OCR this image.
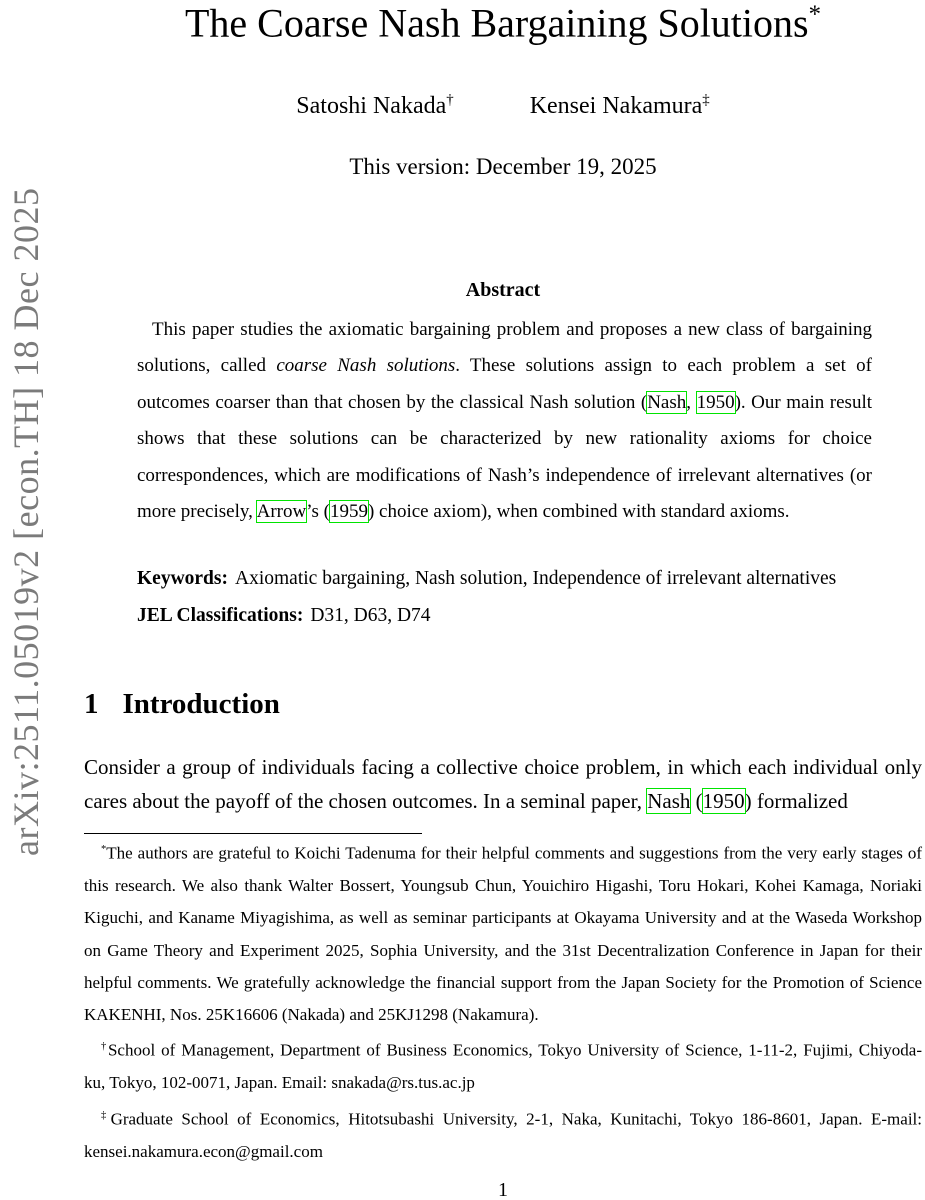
arXiv:2511.05019v2 [econ.TH] 18 Dec 2025
The Coarse Nash Bargaining Solutions*
Satoshi Nakada†	Kensei Nakamura‡
This version: December 19, 2025
Abstract
This paper studies the axiomatic bargaining problem and proposes a new class of bargaining solutions, called coarse Nash solutions. These solutions assign to each problem a set of outcomes coarser than that chosen by the classical Nash solution (Nash, 1950). Our main result shows that these solutions can be characterized by new rationality axioms for choice correspondences, which are modifications of Nash’s independence of irrelevant alternatives (or more precisely, Arrow’s (1959) choice axiom), when combined with standard axioms.
Keywords: Axiomatic bargaining, Nash solution, Independence of irrelevant alternatives
JEL Classifications: D31, D63, D74
1 Introduction
Consider a group of individuals facing a collective choice problem, in which each individual only cares about the payoff of the chosen outcomes. In a seminal paper, Nash (1950) formalized

*The authors are grateful to Koichi Tadenuma for their helpful comments and suggestions from the very early stages of this research. We also thank Walter Bossert, Youngsub Chun, Youichiro Higashi, Toru Hokari, Kohei Kamaga, Noriaki Kiguchi, and Kaname Miyagishima, as well as seminar participants at Okayama University and at the Waseda Workshop on Game Theory and Experiment 2025, Sophia University, and the 31st Decentralization Conference in Japan for their helpful comments. We gratefully acknowledge the financial support from the Japan Society for the Promotion of Science KAKENHI, Nos. 25K16606 (Nakada) and 25KJ1298 (Nakamura).

†School of Management, Department of Business Economics, Tokyo University of Science, 1-11-2, Fujimi, Chiyoda- ku, Tokyo, 102-0071, Japan. Email: snakada@rs.tus.ac.jp

‡Graduate School of Economics, Hitotsubashi University, 2-1, Naka, Kunitachi, Tokyo 186-8601, Japan. E-mail: kensei.nakamura.econ@gmail.com

1
